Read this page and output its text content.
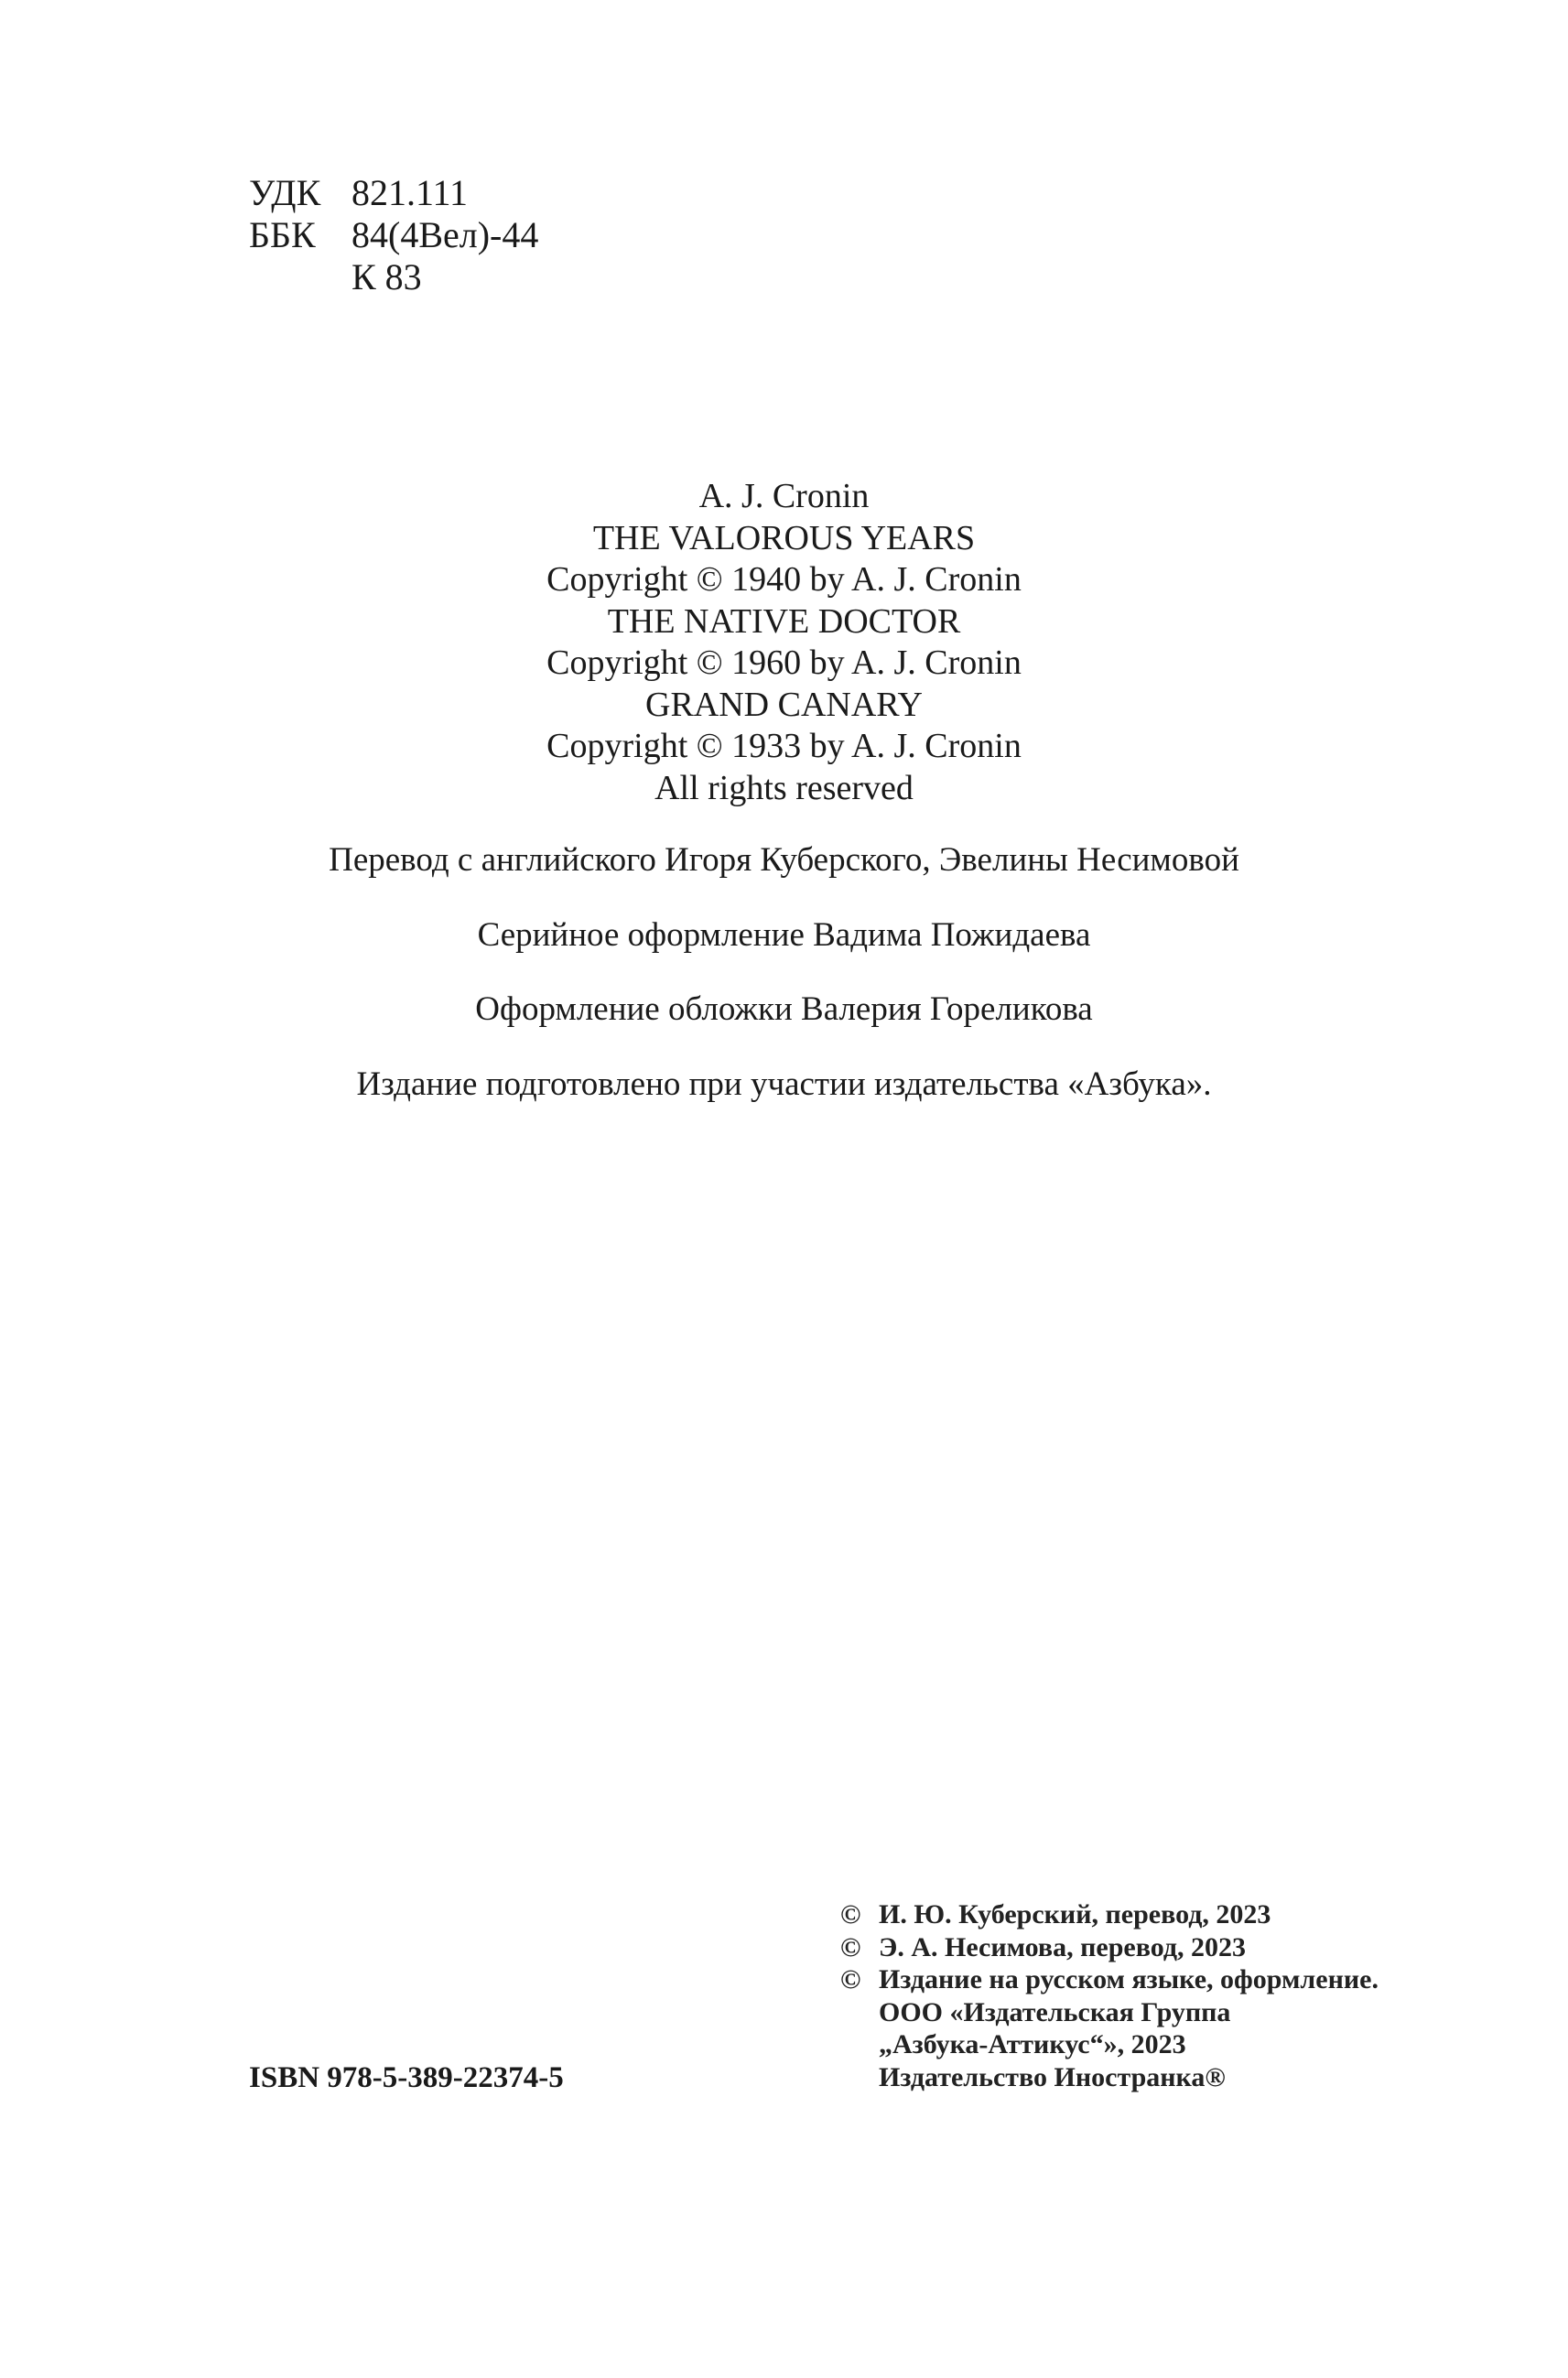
УДК 821.111
ББК 84(4Вел)-44
К 83
A. J. Cronin
THE VALOROUS YEARS
Copyright © 1940 by A. J. Cronin
THE NATIVE DOCTOR
Copyright © 1960 by A. J. Cronin
GRAND CANARY
Copyright © 1933 by A. J. Cronin
All rights reserved
Перевод с английского Игоря Куберского, Эвелины Несимовой
Серийное оформление Вадима Пожидаева
Оформление обложки Валерия Гореликова
Издание подготовлено при участии издательства «Азбука».
ISBN 978-5-389-22374-5
© И. Ю. Куберский, перевод, 2023
© Э. А. Несимова, перевод, 2023
© Издание на русском языке, оформление.
ООО «Издательская Группа
„Азбука-Аттикус“», 2023
Издательство Иностранка®
